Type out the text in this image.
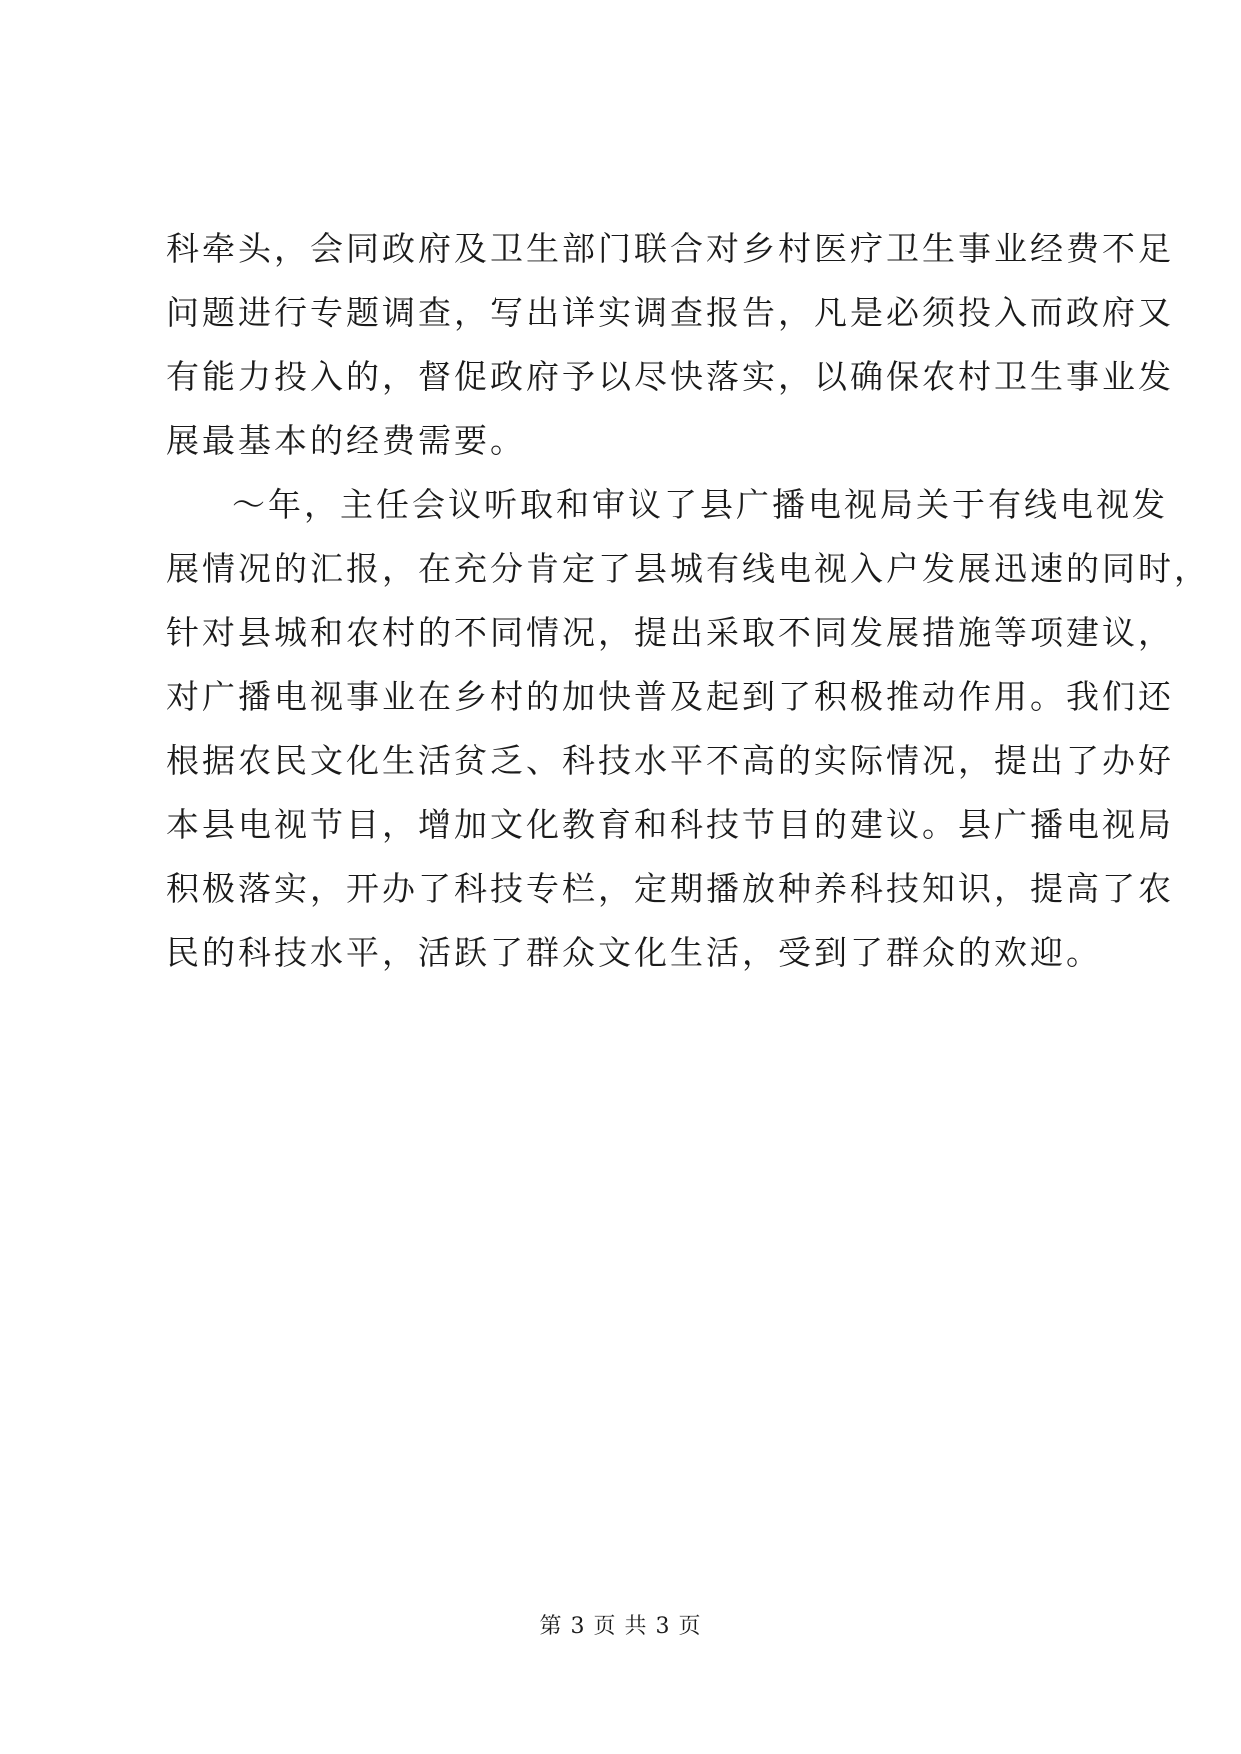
科牵头，会同政府及卫生部门联合对乡村医疗卫生事业经费不足
问题进行专题调查，写出详实调查报告，凡是必须投入而政府又
有能力投入的，督促政府予以尽快落实，以确保农村卫生事业发
展最基本的经费需要。
～年，主任会议听取和审议了县广播电视局关于有线电视发
展情况的汇报，在充分肯定了县城有线电视入户发展迅速的同时，
针对县城和农村的不同情况，提出采取不同发展措施等项建议，
对广播电视事业在乡村的加快普及起到了积极推动作用。我们还
根据农民文化生活贫乏、科技水平不高的实际情况，提出了办好
本县电视节目，增加文化教育和科技节目的建议。县广播电视局
积极落实，开办了科技专栏，定期播放种养科技知识，提高了农
民的科技水平，活跃了群众文化生活，受到了群众的欢迎。
第 3 页 共 3 页
